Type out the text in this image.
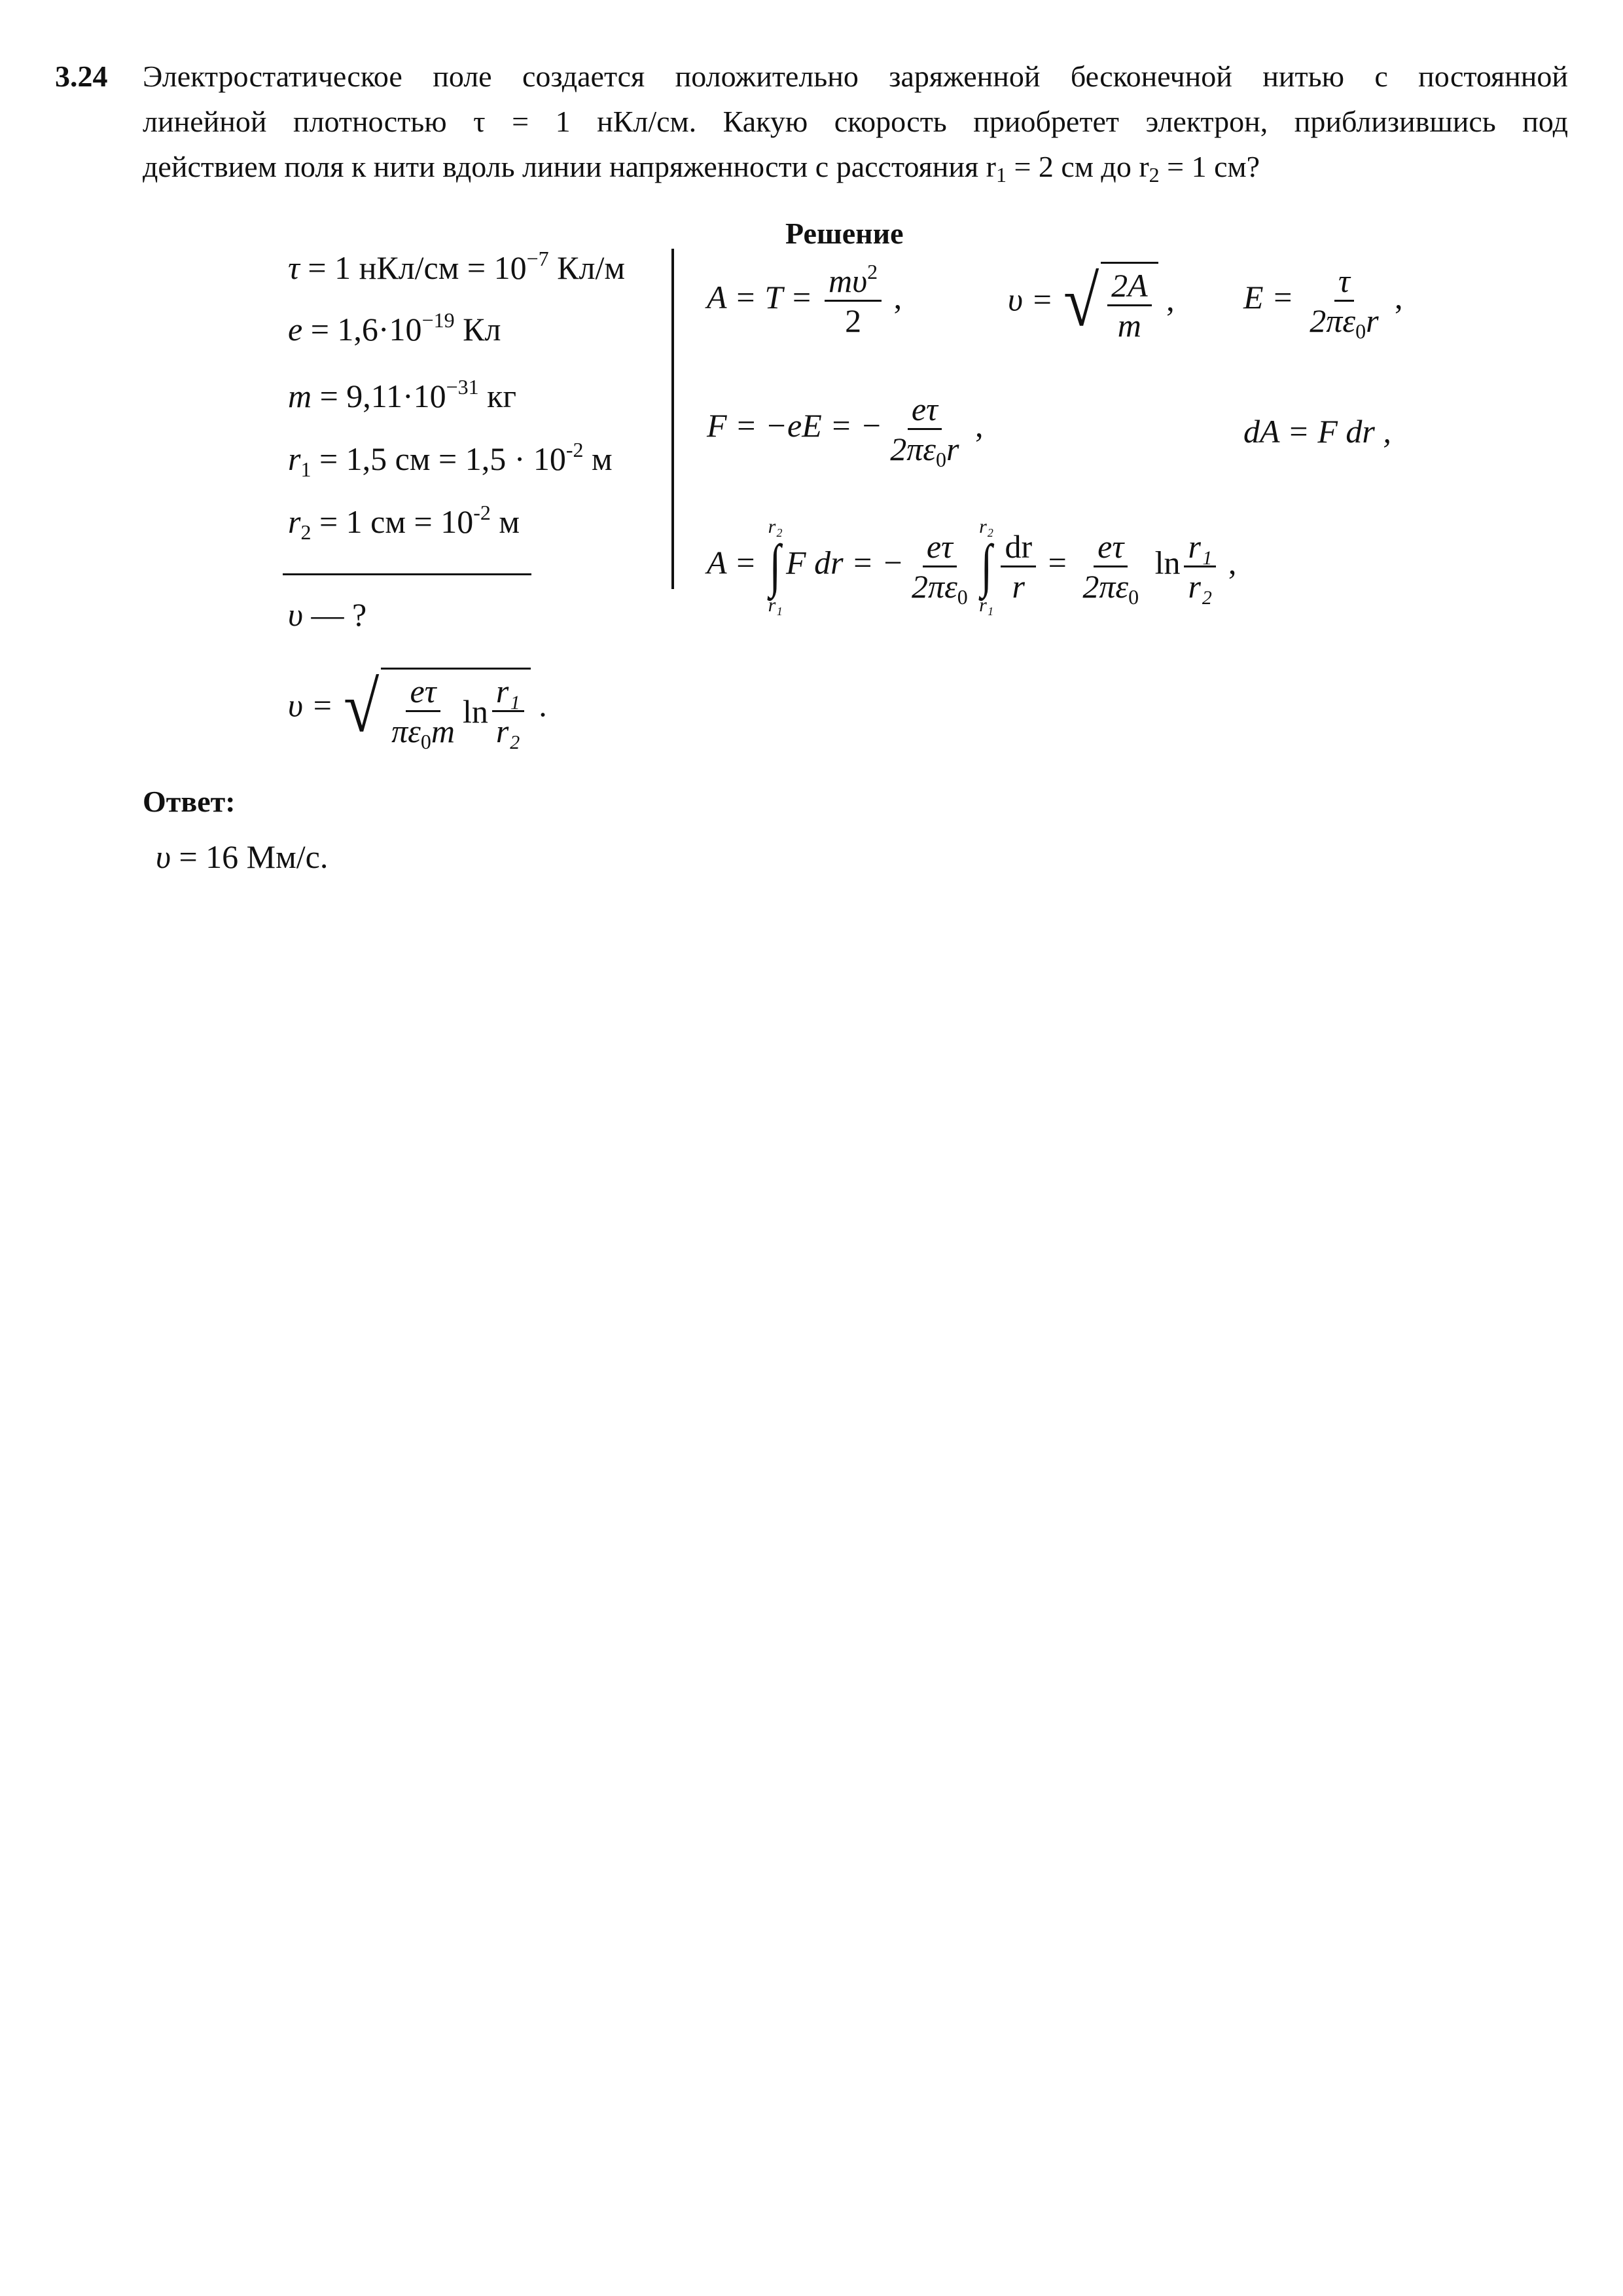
3.24 Электростатическое поле создается положительно заряженной бесконечной нитью с постоянной
линейной плотностью τ = 1 нКл/см. Какую скорость приобретет электрон, приблизившись под
действием поля к нити вдоль линии напряженности с расстояния $r_1 = 2$ см до $r_2 = 1$ см?
Решение
τ = 1 $нКл/см = 10^{-7}$ Кл/м
$e = 1,6\cdot 10^{-19}$ Кл
$m = 9,11\cdot 10^{-31}$ кг
$r_1 = 1,5$ см = $1,5 \cdot 10^{-2}$ м
$r_2 = 1$ см = $10^{-2}$ м
υ — ?
$A = T = \frac{m\upsilon^2}{2}$ ,	υ = √ $\frac{2A}{m}$ , $E = \frac{\tau}{2\pi\varepsilon_0r}$ ,
F = −eE = − $\frac{e\tau}{2\pi\varepsilon_0r}$ ,	dA = F dr ,
A =
r₂
∫
r₁
F dr = − $\frac{e\tau}{2\pi\varepsilon_0}$
r₂
∫
$r_1 \frac{dr}{r} = \frac{e\tau}{2\pi\varepsilon_0}$ $\ln \frac{\text{r₁}}{\text{r₂}}$ ,
υ = √ $\frac{e\tau}{\pi\varepsilon_0m}$ $\ln \frac{\text{r₁}}{\text{r₂}}$ .
Ответ:
υ = 16 Мм/с.
